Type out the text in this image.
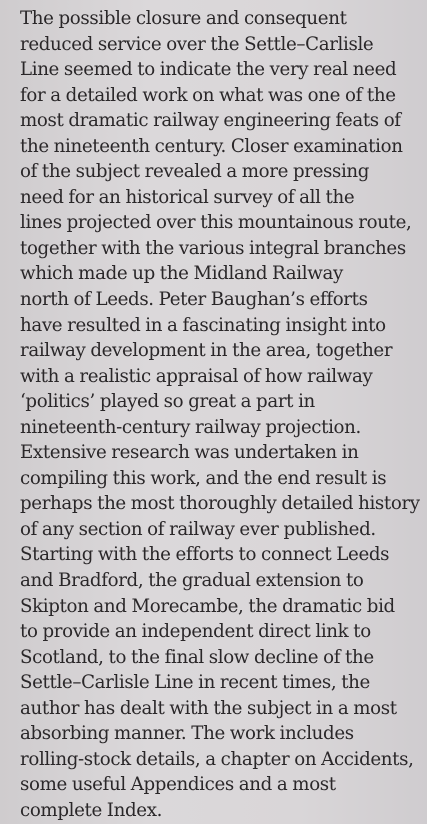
The possible closure and consequent
reduced service over the Settle–Carlisle
Line seemed to indicate the very real need
for a detailed work on what was one of the
most dramatic railway engineering feats of
the nineteenth century. Closer examination
of the subject revealed a more pressing
need for an historical survey of all the
lines projected over this mountainous route,
together with the various integral branches
which made up the Midland Railway
north of Leeds. Peter Baughan’s efforts
have resulted in a fascinating insight into
railway development in the area, together
with a realistic appraisal of how railway
‘politics’ played so great a part in
nineteenth-century railway projection.
Extensive research was undertaken in
compiling this work, and the end result is
perhaps the most thoroughly detailed history
of any section of railway ever published.
Starting with the efforts to connect Leeds
and Bradford, the gradual extension to
Skipton and Morecambe, the dramatic bid
to provide an independent direct link to
Scotland, to the final slow decline of the
Settle–Carlisle Line in recent times, the
author has dealt with the subject in a most
absorbing manner. The work includes
rolling-stock details, a chapter on Accidents,
some useful Appendices and a most
complete Index.
